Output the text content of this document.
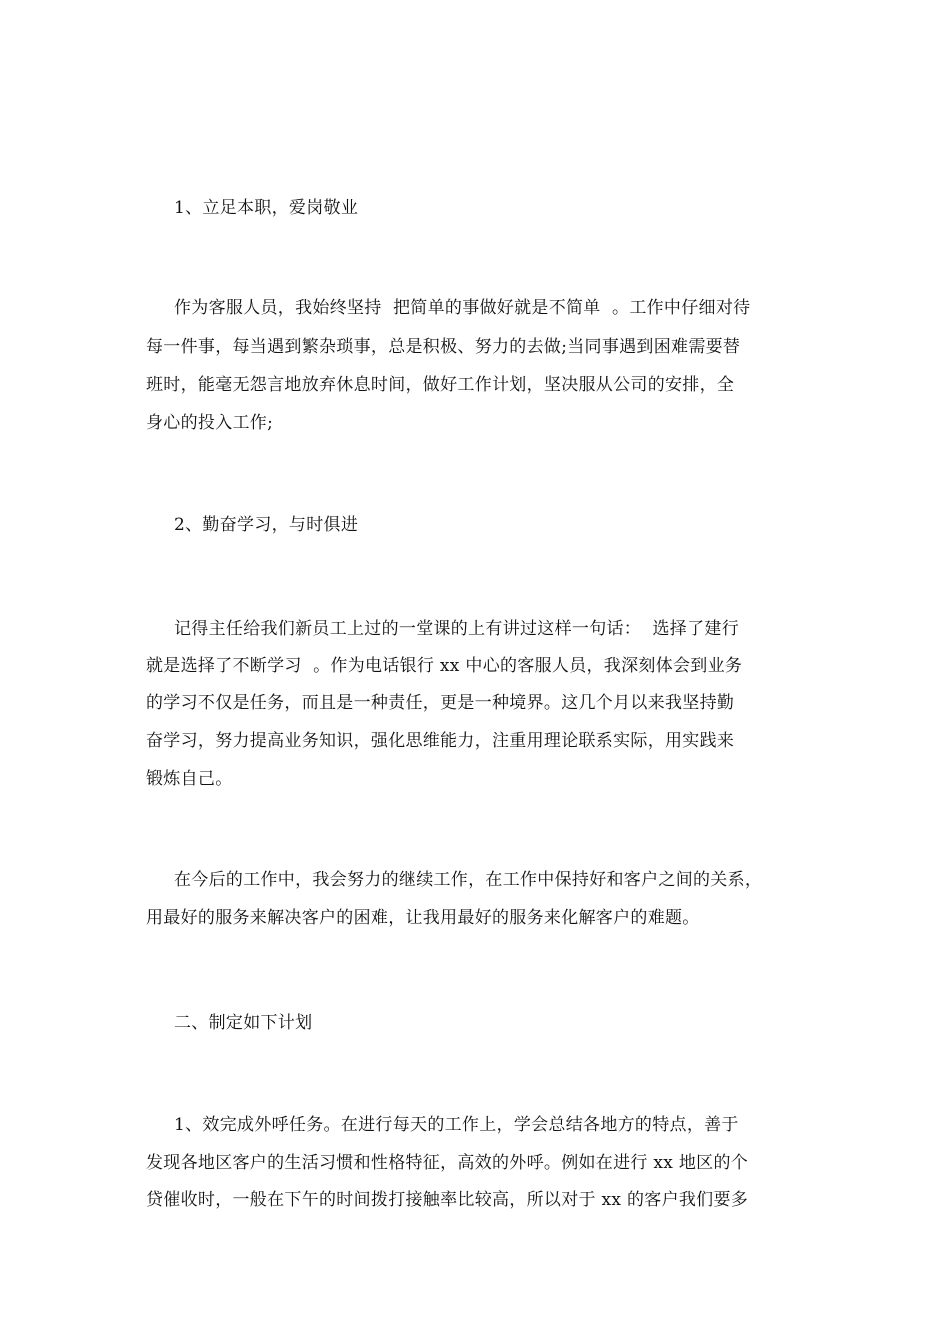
1、立足本职，爱岗敬业
作为客服人员，我始终坚持  把简单的事做好就是不简单  。工作中仔细对待
每一件事，每当遇到繁杂琐事，总是积极、努力的去做;当同事遇到困难需要替
班时，能毫无怨言地放弃休息时间，做好工作计划，坚决服从公司的安排，全
身心的投入工作;
2、勤奋学习，与时俱进
记得主任给我们新员工上过的一堂课的上有讲过这样一句话：  选择了建行
就是选择了不断学习  。作为电话银行 xx 中心的客服人员，我深刻体会到业务
的学习不仅是任务，而且是一种责任，更是一种境界。这几个月以来我坚持勤
奋学习，努力提高业务知识，强化思维能力，注重用理论联系实际，用实践来
锻炼自己。
在今后的工作中，我会努力的继续工作，在工作中保持好和客户之间的关系，
用最好的服务来解决客户的困难，让我用最好的服务来化解客户的难题。
二、制定如下计划
1、效完成外呼任务。在进行每天的工作上，学会总结各地方的特点，善于
发现各地区客户的生活习惯和性格特征，高效的外呼。例如在进行 xx 地区的个
贷催收时，一般在下午的时间拨打接触率比较高，所以对于 xx 的客户我们要多
